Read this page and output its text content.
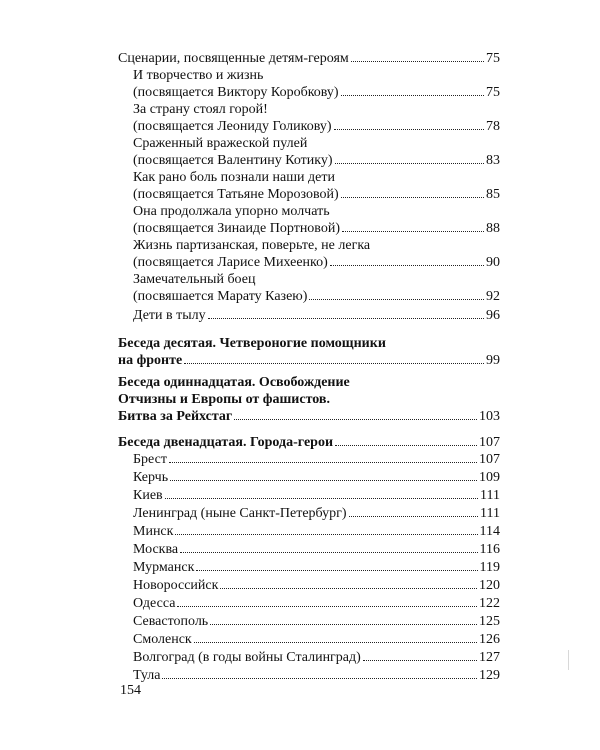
Сценарии, посвященные детям-героям	75
И творчество и жизнь
(посвящается Виктору Коробкову)	75
За страну стоял горой!
(посвящается Леониду Голикову)	78
Сраженный вражеской пулей
(посвящается Валентину Котику)	83
Как рано боль познали наши дети
(посвящается Татьяне Морозовой)	85
Она продолжала упорно молчать
(посвящается Зинаиде Портновой)	88
Жизнь партизанская, поверьте, не легка
(посвящается Ларисе Михеенко)	90
Замечательный боец
(посвяшается Марату Казею)	92
Дети в тылу	96
Беседа десятая. Четвероногие помощники
на фронте	99
Беседа одиннадцатая. Освобождение
Отчизны и Европы от фашистов.
Битва за Рейхстаг	103
Беседа двенадцатая. Города-герои	107
Брест	107
Керчь	109
Киев	111
Ленинград (ныне Санкт-Петербург)	111
Минск	114
Москва	116
Мурманск	119
Новороссийск	120
Одесса	122
Севастополь	125
Смоленск	126
Волгоград (в годы войны Сталинград)	127
Тула	129
154
